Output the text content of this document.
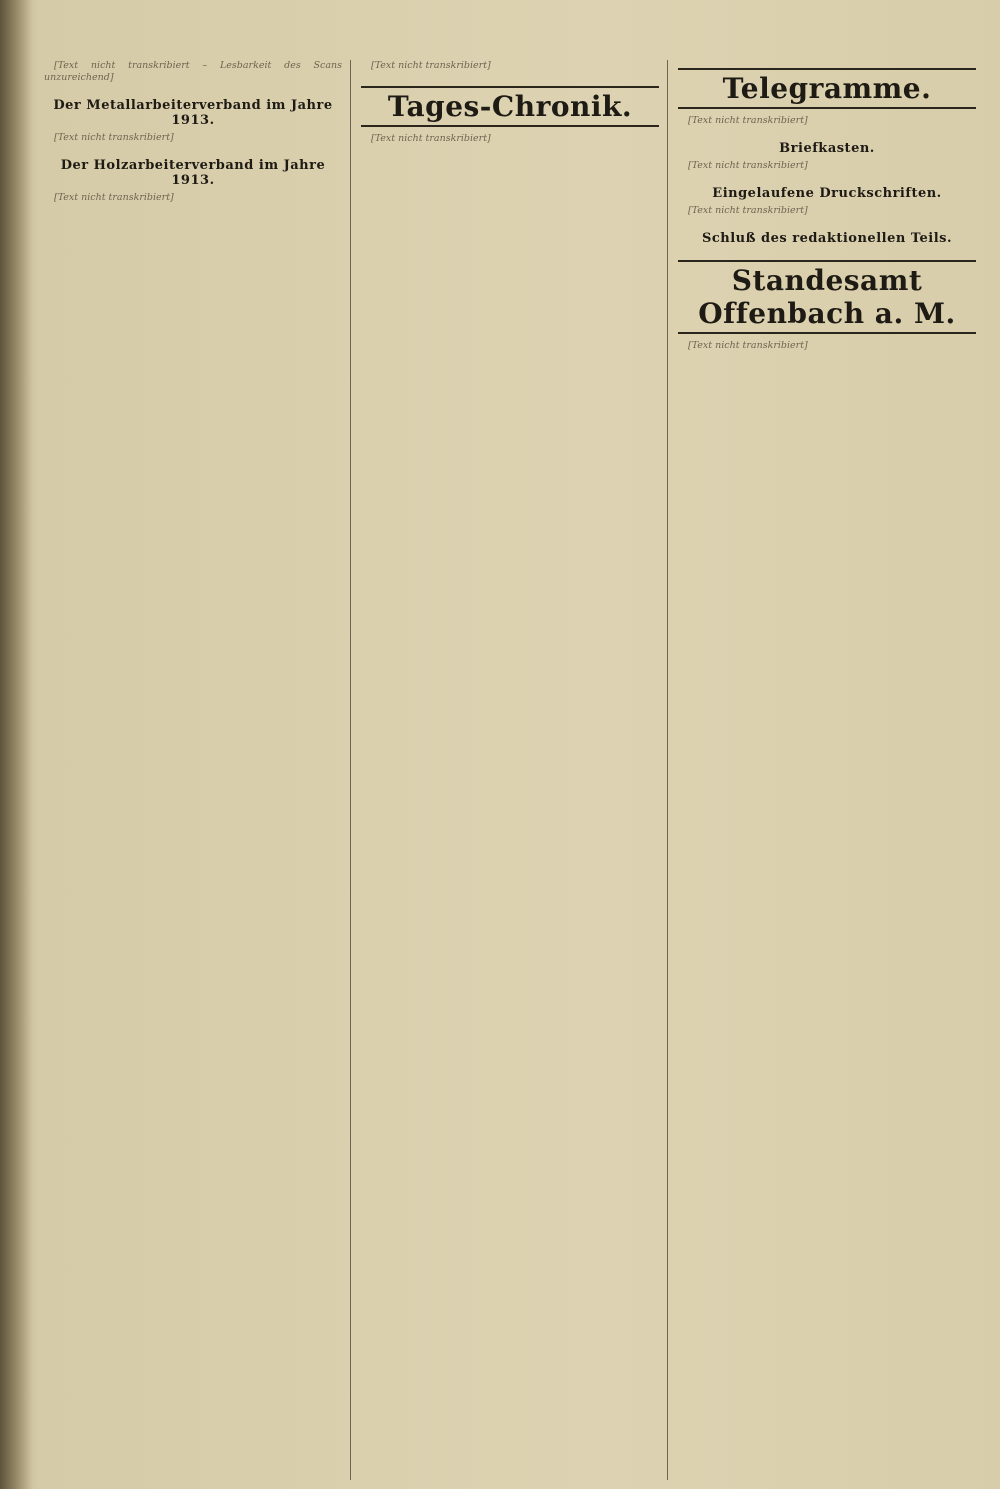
[Text nicht transkribiert – Lesbarkeit des Scans unzureichend]

Der Metallarbeiterverband im Jahre 1913.

[Text nicht transkribiert]

Der Holzarbeiterverband im Jahre 1913.

[Text nicht transkribiert]

[Text nicht transkribiert]

Tages-Chronik.

[Text nicht transkribiert]

Telegramme.

[Text nicht transkribiert]

Briefkasten.

[Text nicht transkribiert]

Eingelaufene Druckschriften.

[Text nicht transkribiert]

Schluß des redaktionellen Teils.
Standesamt Offenbach a. M.

[Text nicht transkribiert]
